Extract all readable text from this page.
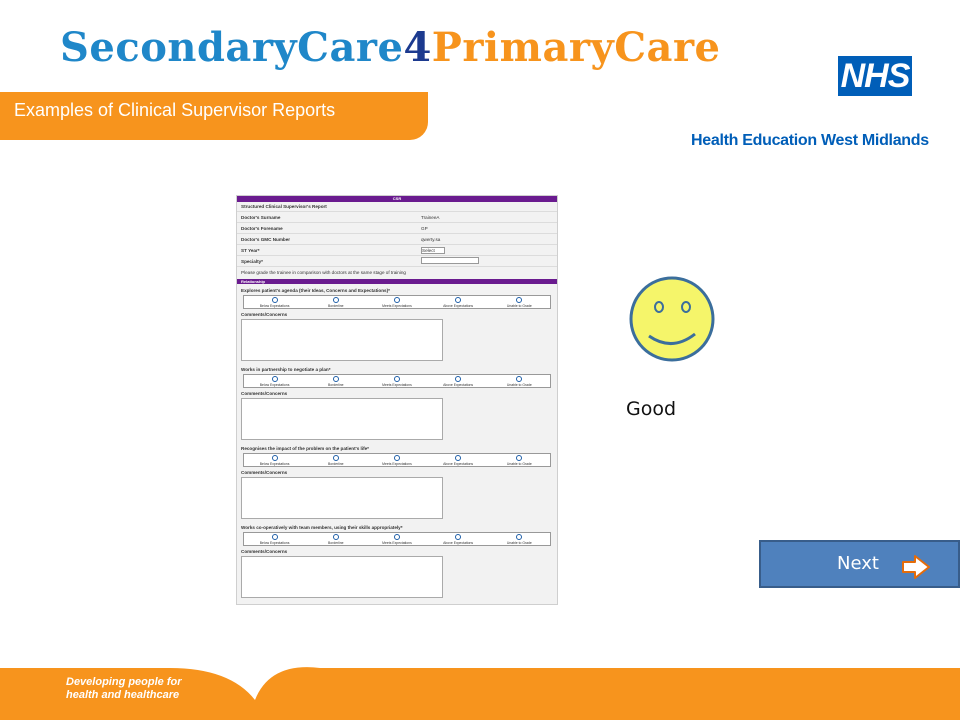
SecondaryCare4PrimaryCare
Examples of Clinical Supervisor Reports
NHS
Health Education West Midlands
CSR
Structured Clinical Supervisor's Report
Doctor's Surname	TraineeA
Doctor's Forename	GP
Doctor's GMC Number	qwerty.sa
ST Year*	Select
Specialty*
Please grade the trainee in comparison with doctors at the same stage of training
Relationship
Explores patient's agenda (their Ideas, Concerns and Expectations)*
Below Expectations	Borderline	Meets Expectations	Above Expectations	Unable to Grade
Comments/Concerns
Works in partnership to negotiate a plan*
Below Expectations	Borderline	Meets Expectations	Above Expectations	Unable to Grade
Comments/Concerns
Recognises the impact of the problem on the patient's life*
Below Expectations	Borderline	Meets Expectations	Above Expectations	Unable to Grade
Comments/Concerns
Works co-operatively with team members, using their skills appropriately*
Below Expectations	Borderline	Meets Expectations	Above Expectations	Unable to Grade
Comments/Concerns
Good
Next
Developing people for health and healthcare
